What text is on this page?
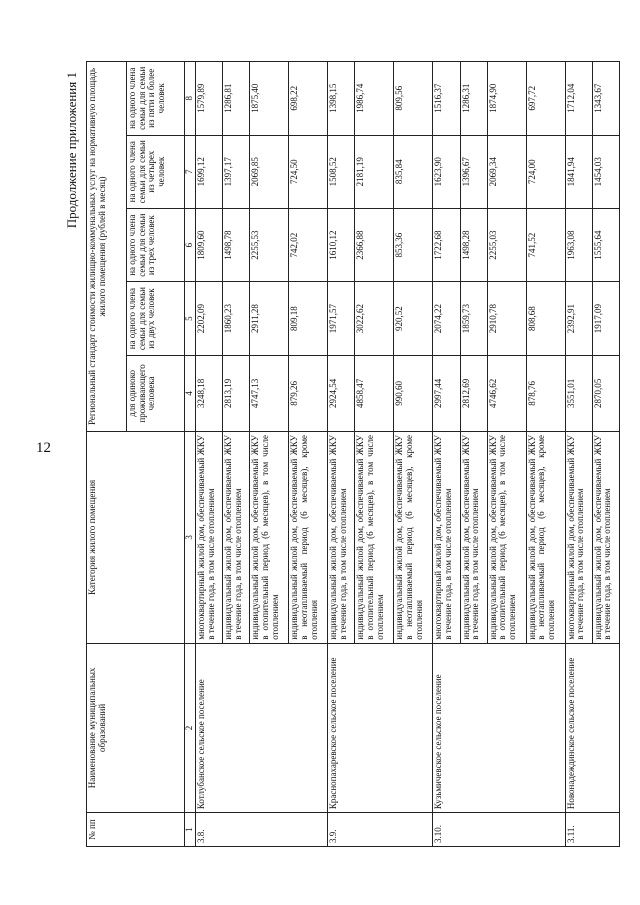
12
Продолжение приложения 1
№ пп	Наименование муниципальных образований	Категория жилого помещения	Региональный стандарт стоимости жилищно-коммунальных услуг на нормативную площадь жилого помещения (рублей в месяц)				
			для одиноко проживающего человека	на одного члена семьи для семьи из двух человек	на одного члена семьи для семьи из трех человек	на одного члена семьи для семьи из четырех человек	на одного члена семьи для семьи из пяти и более человек
1	2	3	4	5	6	7	8
3.8.	Котлубанское сельское поселение	многоквартирный жилой дом, обеспечиваемый ЖКУ в течение года, в том числе отоплением	3248,18	2202,09	1809,60	1699,12	1579,89
		индивидуальный жилой дом, обеспечиваемый ЖКУ в течение года, в том числе отоплением	2813,19	1860,23	1498,78	1397,17	1286,81
		индивидуальный жилой дом, обеспечиваемый ЖКУ в отопительный период (6 месяцев), в том числе отоплением	4747,13	2911,28	2255,53	2069,85	1875,40
		индивидуальный жилой дом, обеспечиваемый ЖКУ в неотапливаемый период (6 месяцев), кроме отопления	879,26	809,18	742,02	724,50	698,22
3.9.	Краснопахаревское сельское поселение	индивидуальный жилой дом, обеспечиваемый ЖКУ в течение года, в том числе отоплением	2924,54	1971,57	1610,12	1508,52	1398,15
		индивидуальный жилой дом, обеспечиваемый ЖКУ в отопительный период (6 месяцев), в том числе отоплением	4858,47	3022,62	2366,88	2181,19	1986,74
		индивидуальный жилой дом, обеспечиваемый ЖКУ в неотапливаемый период (6 месяцев), кроме отопления	990,60	920,52	853,36	835,84	809,56
3.10.	Кузьмичевское сельское поселение	многоквартирный жилой дом, обеспечиваемый ЖКУ в течение года, в том числе отоплением	2997,44	2074,22	1722,68	1623,90	1516,37
		индивидуальный жилой дом, обеспечиваемый ЖКУ в течение года, в том числе отоплением	2812,69	1859,73	1498,28	1396,67	1286,31
		индивидуальный жилой дом, обеспечиваемый ЖКУ в отопительный период (6 месяцев), в том числе отоплением	4746,62	2910,78	2255,03	2069,34	1874,90
		индивидуальный жилой дом, обеспечиваемый ЖКУ в неотапливаемый период (6 месяцев), кроме отопления	878,76	808,68	741,52	724,00	697,72
3.11.	Новонадеждинское сельское поселение	многоквартирный жилой дом, обеспечиваемый ЖКУ в течение года, в том числе отоплением	3551,01	2392,91	1963,08	1841,94	1712,04
		индивидуальный жилой дом, обеспечиваемый ЖКУ в течение года, в том числе отоплением	2870,05	1917,09	1555,64	1454,03	1343,67
